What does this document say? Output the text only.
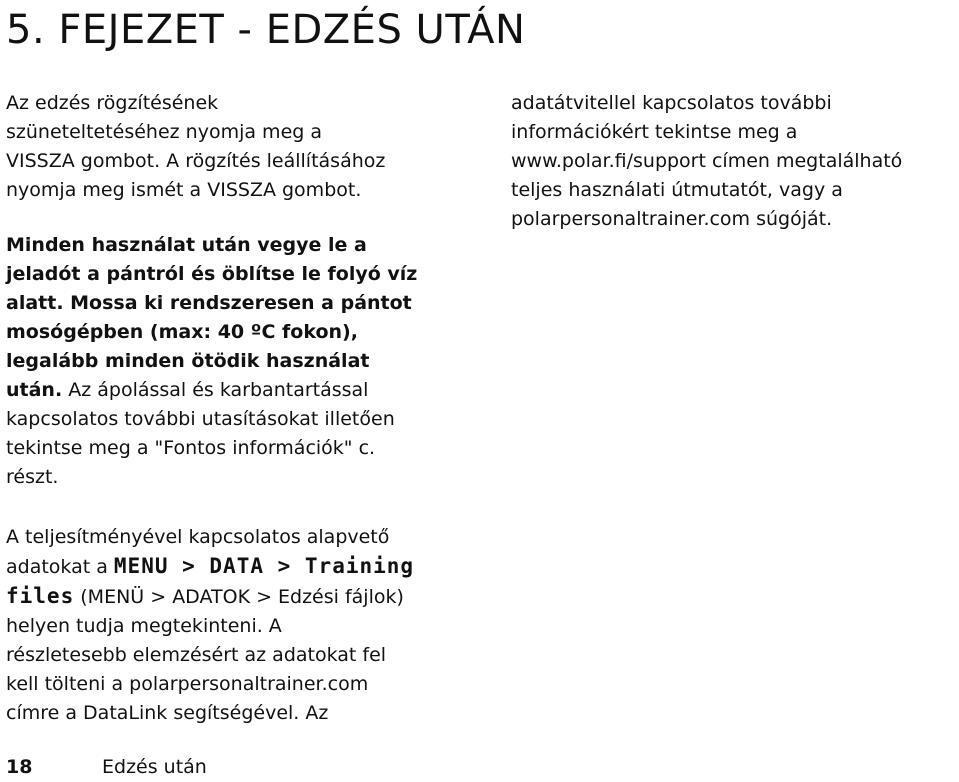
5. FEJEZET - EDZÉS UTÁN

Az edzés rögzítésének

szüneteltetéséhez nyomja meg a

VISSZA gombot. A rögzítés leállításához

nyomja meg ismét a VISSZA gombot.

Minden használat után vegye le a

jeladót a pántról és öblítse le folyó víz

alatt. Mossa ki rendszeresen a pántot

mosógépben (max: 40 ºC fokon),

legalább minden ötödik használat

után. Az ápolással és karbantartással

kapcsolatos további utasításokat illetően

tekintse meg a "Fontos információk" c.

részt.

A teljesítményével kapcsolatos alapvető

adatokat a MENU > DATA > Training

files (MENÜ > ADATOK > Edzési fájlok)

helyen tudja megtekinteni. A

részletesebb elemzésért az adatokat fel

kell tölteni a polarpersonaltrainer.com

címre a DataLink segítségével. Az

adatátvitellel kapcsolatos további

információkért tekintse meg a

www.polar.fi/support címen megtalálható

teljes használati útmutatót, vagy a

polarpersonaltrainer.com súgóját.

18	Edzés után
